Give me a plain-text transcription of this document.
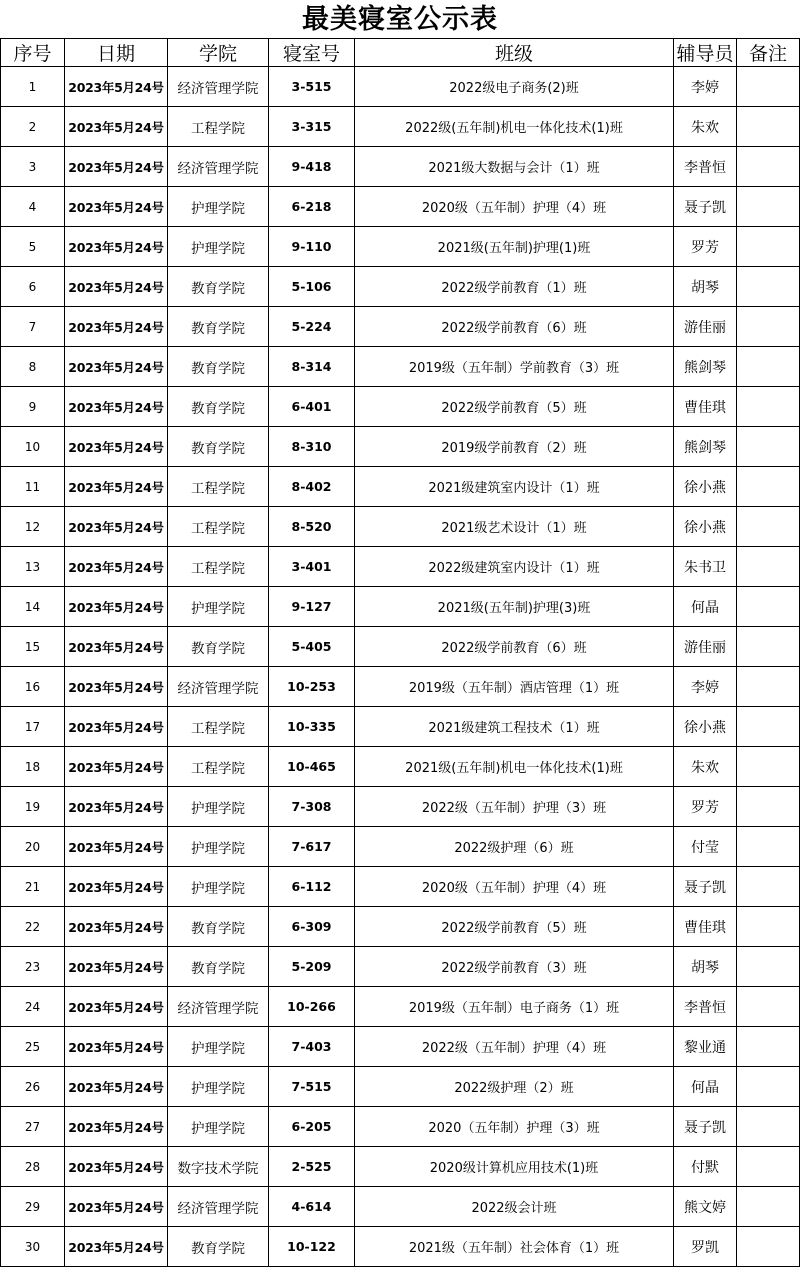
最美寝室公示表
序号	日期	学院	寝室号	班级	辅导员	备注
1	2023年5月24号	经济管理学院	3-515	2022级电子商务(2)班	李婷	
2	2023年5月24号	工程学院	3-315	2022级(五年制)机电一体化技术(1)班	朱欢	
3	2023年5月24号	经济管理学院	9-418	2021级大数据与会计（1）班	李普恒	
4	2023年5月24号	护理学院	6-218	2020级（五年制）护理（4）班	聂子凯	
5	2023年5月24号	护理学院	9-110	2021级(五年制)护理(1)班	罗芳	
6	2023年5月24号	教育学院	5-106	2022级学前教育（1）班	胡琴	
7	2023年5月24号	教育学院	5-224	2022级学前教育（6）班	游佳丽	
8	2023年5月24号	教育学院	8-314	2019级（五年制）学前教育（3）班	熊剑琴	
9	2023年5月24号	教育学院	6-401	2022级学前教育（5）班	曹佳琪	
10	2023年5月24号	教育学院	8-310	2019级学前教育（2）班	熊剑琴	
11	2023年5月24号	工程学院	8-402	2021级建筑室内设计（1）班	徐小燕	
12	2023年5月24号	工程学院	8-520	2021级艺术设计（1）班	徐小燕	
13	2023年5月24号	工程学院	3-401	2022级建筑室内设计（1）班	朱书卫	
14	2023年5月24号	护理学院	9-127	2021级(五年制)护理(3)班	何晶	
15	2023年5月24号	教育学院	5-405	2022级学前教育（6）班	游佳丽	
16	2023年5月24号	经济管理学院	10-253	2019级（五年制）酒店管理（1）班	李婷	
17	2023年5月24号	工程学院	10-335	2021级建筑工程技术（1）班	徐小燕	
18	2023年5月24号	工程学院	10-465	2021级(五年制)机电一体化技术(1)班	朱欢	
19	2023年5月24号	护理学院	7-308	2022级（五年制）护理（3）班	罗芳	
20	2023年5月24号	护理学院	7-617	2022级护理（6）班	付莹	
21	2023年5月24号	护理学院	6-112	2020级（五年制）护理（4）班	聂子凯	
22	2023年5月24号	教育学院	6-309	2022级学前教育（5）班	曹佳琪	
23	2023年5月24号	教育学院	5-209	2022级学前教育（3）班	胡琴	
24	2023年5月24号	经济管理学院	10-266	2019级（五年制）电子商务（1）班	李普恒	
25	2023年5月24号	护理学院	7-403	2022级（五年制）护理（4）班	黎业通	
26	2023年5月24号	护理学院	7-515	2022级护理（2）班	何晶	
27	2023年5月24号	护理学院	6-205	2020（五年制）护理（3）班	聂子凯	
28	2023年5月24号	数字技术学院	2-525	2020级计算机应用技术(1)班	付默	
29	2023年5月24号	经济管理学院	4-614	2022级会计班	熊文婷	
30	2023年5月24号	教育学院	10-122	2021级（五年制）社会体育（1）班	罗凯	
